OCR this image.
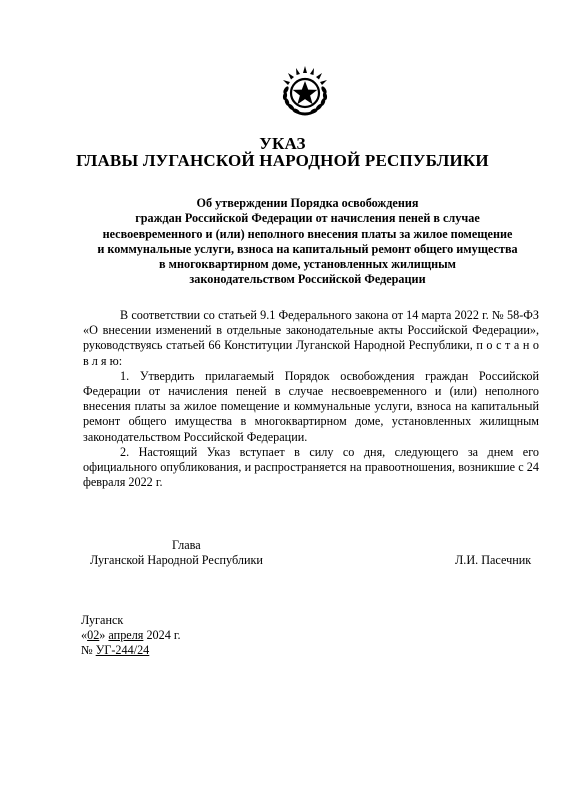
УКАЗ
ГЛАВЫ ЛУГАНСКОЙ НАРОДНОЙ РЕСПУБЛИКИ
Об утверждении Порядка освобождения
граждан Российской Федерации от начисления пеней в случае
несвоевременного и (или) неполного внесения платы за жилое помещение
и коммунальные услуги, взноса на капитальный ремонт общего имущества
в многоквартирном доме, установленных жилищным
законодательством Российской Федерации

В соответствии со статьей 9.1 Федерального закона от 14 марта 2022 г. № 58-ФЗ «О внесении изменений в отдельные законодательные акты Российской Федерации», руководствуясь статьей 66 Конституции Луганской Народной Республики, п о с т а н о в л я ю:

1. Утвердить прилагаемый Порядок освобождения граждан Российской Федерации от начисления пеней в случае несвоевременного и (или) неполного внесения платы за жилое помещение и коммунальные услуги, взноса на капитальный ремонт общего имущества в многоквартирном доме, установленных жилищным законодательством Российской Федерации.

2. Настоящий Указ вступает в силу со дня, следующего за днем его официального опубликования, и распространяется на правоотношения, возникшие с 24 февраля 2022 г.

Глава
Луганской Народной Республики	Л.И. Пасечник
Луганск
«02» апреля 2024 г.
№ УГ-244/24
